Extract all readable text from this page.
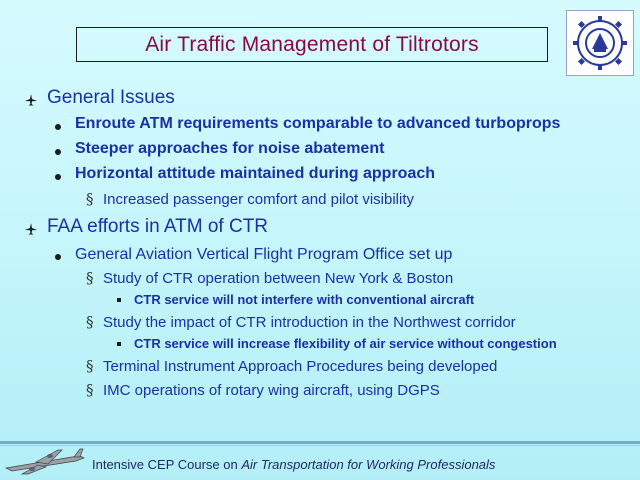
Air Traffic Management of Tiltrotors
General Issues
Enroute ATM requirements comparable to advanced turboprops
Steeper approaches for noise abatement
Horizontal attitude maintained during approach
§ Increased passenger comfort and pilot visibility
FAA efforts in ATM of CTR
General Aviation Vertical Flight Program Office set up
§ Study of CTR operation between New York & Boston
CTR service will not interfere with conventional aircraft
§ Study the impact of CTR introduction in the Northwest corridor
CTR service will increase flexibility of air service without congestion
§ Terminal Instrument Approach Procedures being developed
§ IMC operations of rotary wing aircraft, using DGPS
Intensive CEP Course on Air Transportation for Working Professionals
